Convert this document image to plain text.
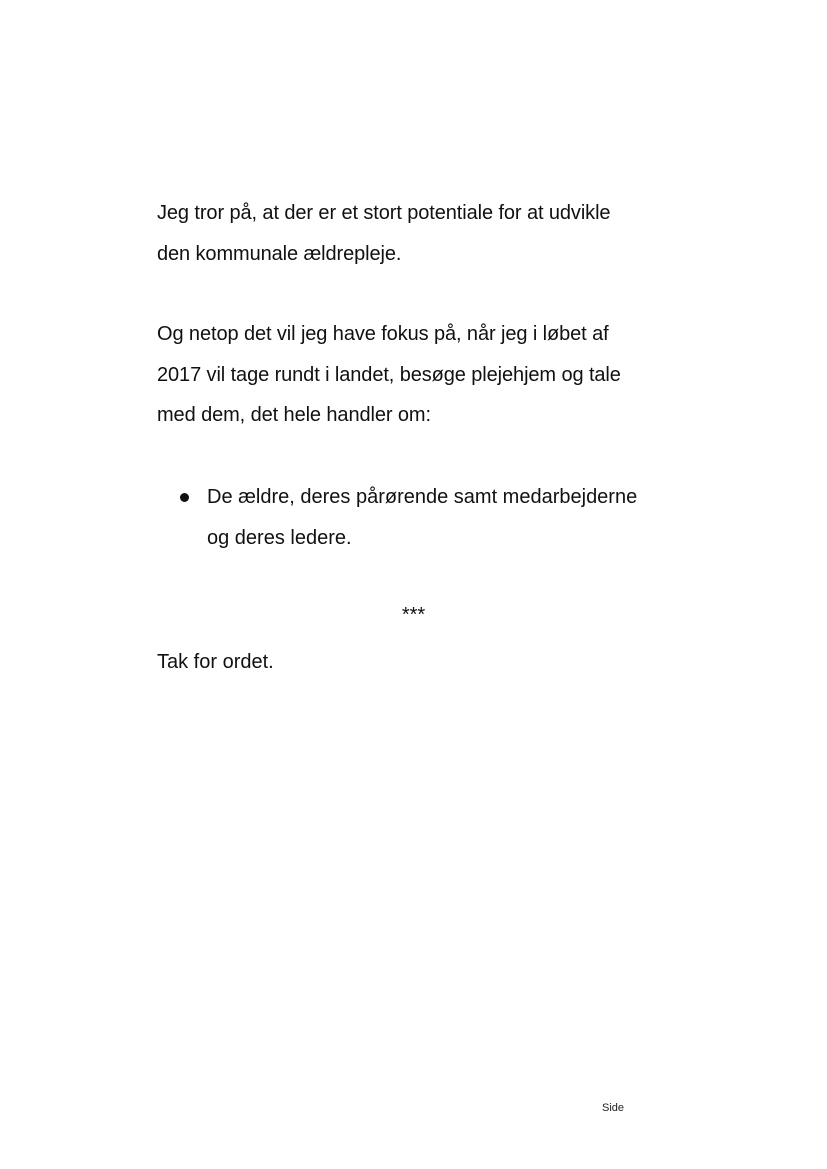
Jeg tror på, at der er et stort potentiale for at udvikle
den kommunale ældrepleje.
Og netop det vil jeg have fokus på, når jeg i løbet af
2017 vil tage rundt i landet, besøge plejehjem og tale
med dem, det hele handler om:
De ældre, deres pårørende samt medarbejderne
og deres ledere.
***
Tak for ordet.
Side
